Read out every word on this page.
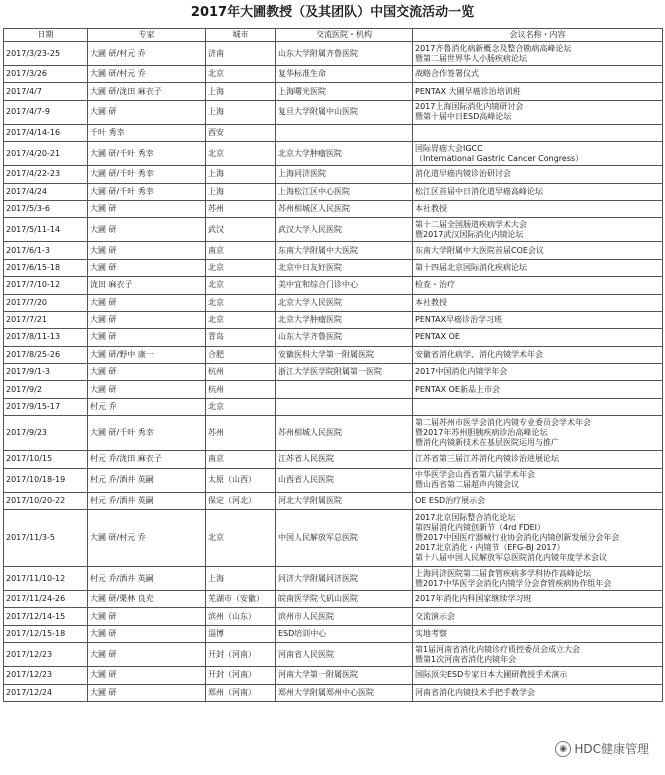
2017年大圃教授（及其团队）中国交流活动一览
日期	专家	城市	交流医院・机构	会议名称・内容
2017/3/23-25	大圃 研/村元 乔	济南	山东大学附属齐鲁医院	2017齐鲁消化病新概念及整合勘病高峰论坛
暨第二届世界华人小肠疾病论坛

2017/3/26	大圃 研/村元 乔	北京	复华标准生命	战略合作签署仪式

2017/4/7	大圃 研/泷田 麻衣子	上海	上海曙光医院	PENTAX 大圃早癌诊治培训班

2017/4/7-9	大圃 研	上海	复旦大学附属中山医院	2017上海国际消化内镜研讨会
暨第十届中日ESD高峰论坛

2017/4/14-16	千叶 秀幸	西安		
2017/4/20-21	大圃 研/千叶 秀幸	北京	北京大学肿瘤医院	国际胃癌大会IGCC
（International Gastric Cancer Congress）

2017/4/22-23	大圃 研/千叶 秀幸	上海	上海同济医院	消化道早癌内镜诊治研讨会

2017/4/24	大圃 研/千叶 秀幸	上海	上海松江区中心医院	松江区首届中日消化道早癌高峰论坛

2017/5/3-6	大圃 研	苏州	苏州相城区人民医院	本社教授

2017/5/11-14	大圃 研	武汉	武汉大学人民医院	第十二届全国肠道疾病学术大会
暨2017武汉国际消化内镜论坛

2017/6/1-3	大圃 研	南京	东南大学附属中大医院	东南大学附属中大医院首届COE会议

2017/6/15-18	大圃 研	北京	北京中日友好医院	第十四届北京国际消化疾病论坛

2017/7/10-12	泷田 麻衣子	北京	美中宜和综合门诊中心	检查・治疗

2017/7/20	大圃 研	北京	北京大学人民医院	本社教授

2017/7/21	大圃 研	北京	北京大学肿瘤医院	PENTAX早癌诊治学习班

2017/8/11-13	大圃 研	青岛	山东大学齐鲁医院	PENTAX OE

2017/8/25-26	大圃 研/野中 康一	合肥	安徽医科大学第一附属医院	安徽省消化病学、消化内镜学术年会

2017/9/1-3	大圃 研	杭州	浙江大学医学院附属第一医院	2017中国消化内镜学年会

2017/9/2	大圃 研	杭州		PENTAX OE新品上市会

2017/9/15-17	村元 乔	北京		
2017/9/23	大圃 研/千叶 秀幸	苏州	苏州相城人民医院	第二届苏州市医学会消化内镜专业委员会学术年会
暨2017年苏州胆胰疾病诊治高峰论坛
暨消化内镜新技术在基层医院运用与推广

2017/10/15	村元 乔/泷田 麻衣子	南京	江苏省人民医院	江苏省第三届江苏消化内镜诊治进展论坛

2017/10/18-19	村元 乔/酒井 英嗣	太原（山西）	山西省人民医院	中华医学会山西省第六届学术年会
暨山西省第二届超声内镜会议

2017/10/20-22	村元 乔/酒井 英嗣	保定（河北）	河北大学附属医院	OE ESD治疗展示会

2017/11/3-5	大圃 研/村元 乔	北京	中国人民解放军总医院	2017北京国际整合消化论坛
第四届消化内镜创新节（4rd FDEI）
暨2017中国医疗器械行业协会消化内镜创新发展分会年会
2017北京消化・内镜节（EFG-BJ 2017）
第十八届中国人民解放军总医院消化内镜年度学术会议

2017/11/10-12	村元 乔/酒井 英嗣	上海	同济大学附属同济医院	上海同济医院第二届食管疾病多学科协作高峰论坛
暨2017中华医学会消化内镜学分会食管疾病协作组年会

2017/11/24-26	大圃 研/栗林 良充	芜湖市（安徽）	皖南医学院弋矶山医院	2017年消化内科国家继续学习班

2017/12/14-15	大圃 研	滨州（山东）	滨州市人民医院	交流演示会

2017/12/15-18	大圃 研	淄博	ESD培训中心	实地考察

2017/12/23	大圃 研	开封（河南）	河南省人民医院	第1届河南省消化内镜诊疗质控委员会成立大会
暨第1次河南省消化内镜年会

2017/12/23	大圃 研	开封（河南）	河南大学第一附属医院	国际顶尖ESD专家日本大圃研教授手术演示

2017/12/24	大圃 研	郑州（河南）	郑州大学附属郑州中心医院	河南省消化内镜技术手把手教学会
◉ HDC健康管理
